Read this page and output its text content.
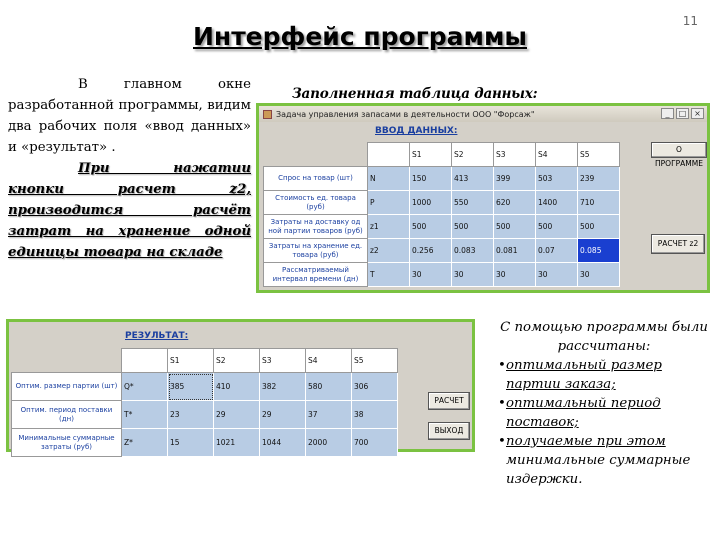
11
Интерфейс программы

В главном окне разработанной программы, видим два рабочих поля «ввод данных» и «результат» .

При нажатии кнопки расчет z2, производится расчёт затрат на хранение одной единицы товара на складе

Заполненная таблица данных:
Задача управления запасами в деятельности ООО "Форсаж"	_	□ ×
ВВОД ДАННЫХ:
		S1	S2	S3	S4	S5
Спрос на товар (шт)	N	150	413	399	503	239
Стоимость ед. товара (руб)	P	1000	550	620	1400	710
Затраты на доставку од ной партии товаров (руб)	z1	500	500	500	500	500
Затраты на хранение ед. товара (руб)	z2	0.256	0.083	0.081	0.07	0.085
Рассматриваемый интервал времени (дн)	T	30	30	30	30	30
О ПРОГРАММЕ
РАСЧЕТ z2
РЕЗУЛЬТАТ:
		S1	S2	S3	S4	S5
Оптим. размер партии (шт)	Q*	385	410	382	580	306
Оптим. период поставки (дн)	T*	23	29	29	37	38
Минимальные суммарные затраты (руб)	Z*	15	1021	1044	2000	700
РАСЧЕТ
ВЫХОД
С помощью программы были рассчитаны:
• оптимальный размер партии заказа;
• оптимальный период поставок;
• получаемые при этом минимальные суммарные издержки.
